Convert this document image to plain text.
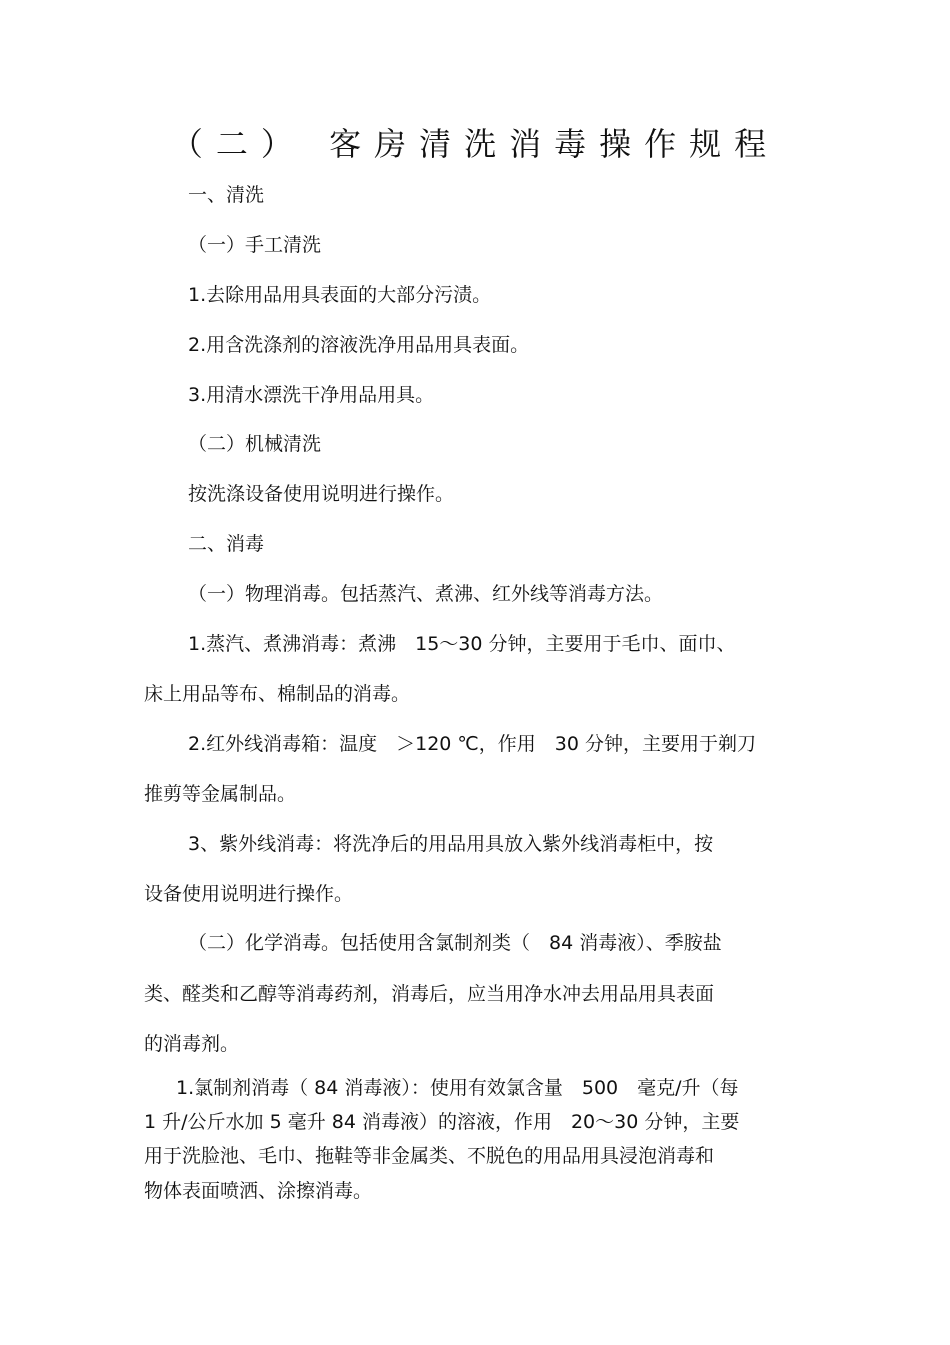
（二） 客房清洗消毒操作规程
一、清洗
（一）手工清洗
1.去除用品用具表面的大部分污渍。
2.用含洗涤剂的溶液洗净用品用具表面。
3.用清水漂洗干净用品用具。
（二）机械清洗
按洗涤设备使用说明进行操作。
二、消毒
（一）物理消毒。包括蒸汽、煮沸、红外线等消毒方法。
1.蒸汽、煮沸消毒：煮沸　15～30 分钟，主要用于毛巾、面巾、
床上用品等布、棉制品的消毒。
2.红外线消毒箱：温度　＞120 ℃，作用　30 分钟，主要用于剃刀
推剪等金属制品。
3、紫外线消毒：将洗净后的用品用具放入紫外线消毒柜中，按
设备使用说明进行操作。
（二）化学消毒。包括使用含氯制剂类（　84 消毒液）、季胺盐
类、醛类和乙醇等消毒药剂，消毒后，应当用净水冲去用品用具表面
的消毒剂。
1.氯制剂消毒（ 84 消毒液）：使用有效氯含量　500　毫克/升（每
1 升/公斤水加 5 毫升 84 消毒液）的溶液，作用　20～30 分钟，主要
用于洗脸池、毛巾、拖鞋等非金属类、不脱色的用品用具浸泡消毒和
物体表面喷洒、涂擦消毒。
